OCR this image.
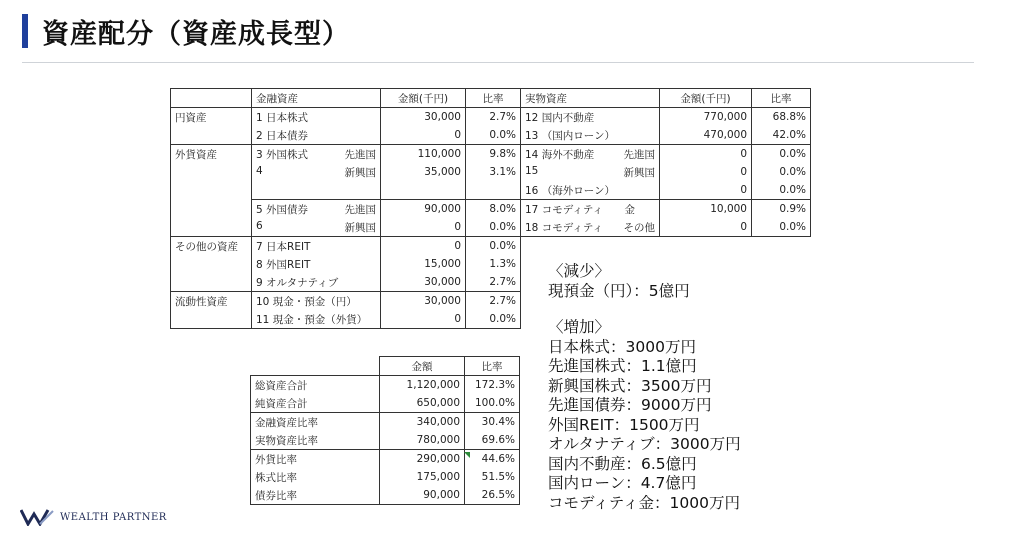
資産配分（資産成長型）
	金融資産	金額(千円)	比率	実物資産	金額(千円)	比率
円資産	1 日本株式	30,000	2.7%	12 国内不動産	770,000	68.8%
	2 日本債券	0	0.0%	13 （国内ローン）	470,000	42.0%
外貨資産	3 外国株式 先進国	110,000	9.8%	14 海外不動産 先進国	0	0.0%

	4 新興国	35,000	3.1%	15 新興国	0	0.0%
				16 （海外ローン）	0	0.0%

	5 外国債券 先進国	90,000	8.0%	17 コモディティ 金	10,000	0.9%

	6 新興国	0	0.0%	18 コモディティ その他	0	0.0%
その他の資産	7 日本REIT	0	0.0%			
	8 外国REIT	15,000	1.3%			
	9 オルタナティブ	30,000	2.7%			
流動性資産	10 現金・預金（円）	30,000	2.7%			
	11 現金・預金（外貨）	0	0.0%			
	金額	比率
総資産合計	1,120,000	172.3%
純資産合計	650,000	100.0%
金融資産比率	340,000	30.4%
実物資産比率	780,000	69.6%
外貨比率	290,000	44.6%
株式比率	175,000	51.5%
債券比率	90,000	26.5%
〈減少〉
現預金（円）：5億円
〈増加〉
日本株式：3000万円
先進国株式：1.1億円
新興国株式：3500万円
先進国債券：9000万円
外国REIT：1500万円
オルタナティブ：3000万円
国内不動産：6.5億円
国内ローン：4.7億円
コモディティ金：1000万円
WEALTH PARTNER
